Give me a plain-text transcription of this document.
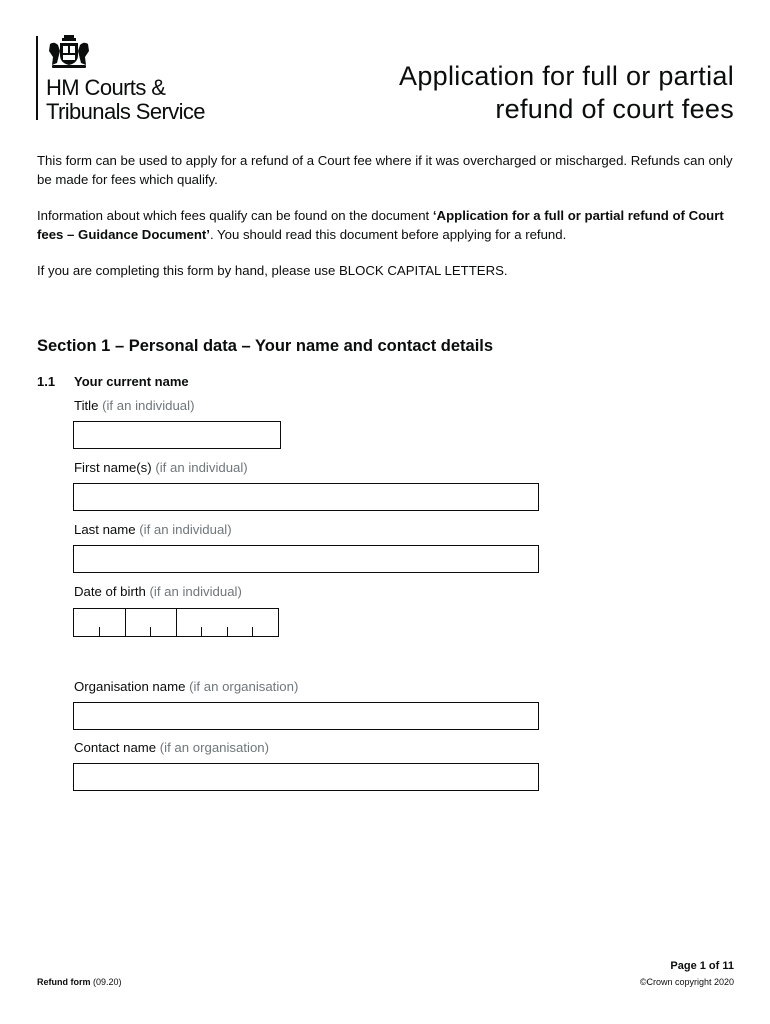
HM Courts &
Tribunals Service
Application for full or partial
refund of court fees

This form can be used to apply for a refund of a Court fee where if it was overcharged or mischarged. Refunds can only be made for fees which qualify.

Information about which fees qualify can be found on the document ‘Application for a full or partial refund of Court fees – Guidance Document’. You should read this document before applying for a refund.

If you are completing this form by hand, please use BLOCK CAPITAL LETTERS.

Section 1 – Personal data – Your name and contact details
1.1 Your current name
Title (if an individual)
First name(s) (if an individual)
Last name (if an individual)
Date of birth (if an individual)
Organisation name (if an organisation)
Contact name (if an organisation)
Refund form (09.20)
Page 1 of 11
©Crown copyright 2020
